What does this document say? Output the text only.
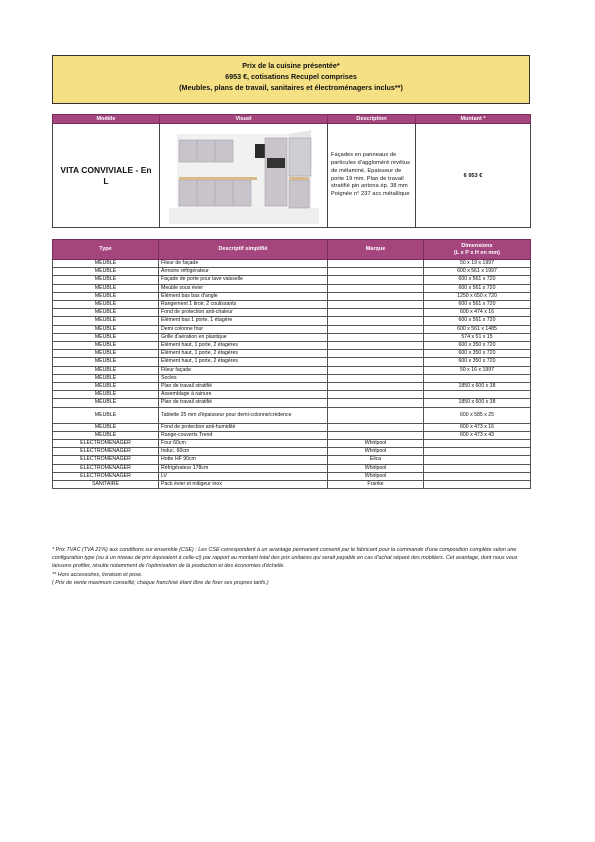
Prix de la cuisine présentée*
6953 €, cotisations Recupel comprises
(Meubles, plans de travail, sanitaires et électroménagers inclus**)
Modèle	Visuel	Description	Montant *
VITA CONVIVIALE - En L		Façades en panneaux de particules d'aggloméré revêtus de mélaminé, Epaisseur de porte 19 mm. Plan de travail stratifié pin aritona ép. 38 mm Poignée n° 237 acc métallique	6 953 €
Type	Descriptif simplifié	Marque	Dimensions
(L x P x H en mm)

MEUBLE	Fileur de façade		50 x 19 x 1997
MEUBLE	Armoire réfrigérateur		600 x 561 x 1997
MEUBLE	Façade de porte pour lave vaisselle		600 x 561 x 720
MEUBLE	Meuble sous évier		600 x 561 x 720
MEUBLE	Elément bas bas d'angle		1250 x 650 x 720
MEUBLE	Rangement 1 tiroir, 2 coulissants		600 x 561 x 720
MEUBLE	Fond de protection anti-chaleur		600 x 474 x 16
MEUBLE	Elément bas 1 porte, 1 étagère		600 x 561 x 720
MEUBLE	Demi colonne four		600 x 561 x 1485
MEUBLE	Grille d'aération en plastique		574 x 51 x 15
MEUBLE	Elément haut, 1 porte, 2 étagères		600 x 350 x 720
MEUBLE	Elément haut, 1 porte, 2 étagères		600 x 350 x 720
MEUBLE	Elément haut, 1 porte, 2 étagères		600 x 350 x 720
MEUBLE	Fileur façade		50 x 16 x 1997
MEUBLE	Socles		
MEUBLE	Plan de travail stratifié		1850 x 600 x 38
MEUBLE	Assemblage à rainure		
MEUBLE	Plan de travail stratifié		1850 x 600 x 38
MEUBLE	Tablette 25 mm d'épaisseur pour demi-colonne/crédence		600 x 585 x 25
MEUBLE	Fond de protection anti-humidité		600 x 473 x 16
MEUBLE	Range-couverts Trend		600 x 473 x 43
ELECTROMENAGER	Four 60cm	Whirlpool	
ELECTROMENAGER	Induc. 60cm	Whirlpool	
ELECTROMENAGER	Hotte HF 90cm	Elica	
ELECTROMENAGER	Réfrigérateur 178cm	Whirlpool	
ELECTROMENAGER	LV	Whirlpool	
SANITAIRE	Pack évier et mitigeur inox	Franke	

* Prix TVAC (TVA 21%) aux conditions sur ensemble (CSE) : Les CSE correspondent à un avantage permanent consenti par le fabricant pour la commande d'une composition complète selon une configuration type (ou à un niveau de prix équivalent à celle-ci) par rapport au montant total des prix unitaires qui serait payable en cas d'achat séparé des mobiliers. Cet avantage, dont nous vous laissons profiter, résulte notamment de l'optimisation de la production et des économies d'échelle.

** Hors accessoires, livraison et pose.

( Prix de vente maximum conseillé; chaque franchisé étant libre de fixer ses propres tarifs.)
